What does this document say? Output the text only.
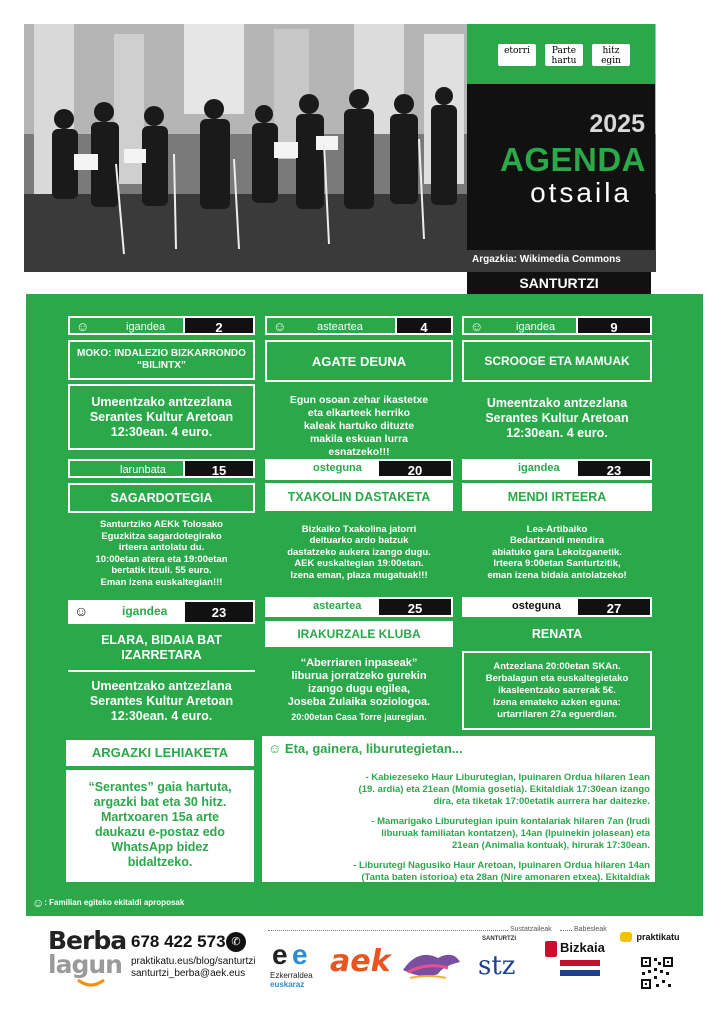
etorri	Parte hartu
hitz egin
2025
AGENDA
otsaila
Argazkia: Wikimedia Commons
SANTURTZI
☺	igandea	2
MOKO: INDALEZIO BIZKARRONDO “BILINTX”
Umeentzako antzezlana
Serantes Kultur Aretoan
12:30ean. 4 euro.
☺	asteartea	4
AGATE DEUNA
Egun osoan zehar ikastetxe
eta elkarteek herriko
kaleak hartuko dituzte
makila eskuan lurra
esnatzeko!!!
☺	igandea	9
SCROOGE ETA MAMUAK
Umeentzako antzezlana
Serantes Kultur Aretoan
12:30ean. 4 euro.
larunbata	15
SAGARDOTEGIA
Santurtziko AEKk Tolosako
Eguzkitza sagardotegirako
irteera antolatu du.
10:00etan atera eta 19:00etan
bertatik itzuli. 55 euro.
Eman izena euskaltegian!!!
osteguna	20
TXAKOLIN DASTAKETA
Bizkaiko Txakolina jatorri
deituarko ardo batzuk
dastatzeko aukera izango dugu.
AEK euskaltegian 19:00etan.
Izena eman, plaza mugatuak!!!
igandea	23
MENDI IRTEERA
Lea-Artibaiko
Bedartzandi mendira
abiatuko gara Lekoizganetik.
Irteera 9:00etan Santurtzitik,
eman izena bidaia antolatzeko!
☺	igandea	23
ELARA, BIDAIA BAT IZARRETARA
Umeentzako antzezlana
Serantes Kultur Aretoan
12:30ean. 4 euro.
asteartea	25
IRAKURZALE KLUBA
“Aberriaren inpaseak”
liburua jorratzeko gurekin
izango dugu egilea,
Joseba Zulaika soziologoa.
20:00etan Casa Torre jauregian.
osteguna	27
RENATA
Antzezlana 20:00etan SKAn.
Berbalagun eta euskaltegietako
ikasleentzako sarrerak 5€.
Izena emateko azken eguna:
urtarrilaren 27a eguerdian.
ARGAZKI LEHIAKETA
“Serantes” gaia hartuta,
argazki bat eta 30 hitz.
Martxoaren 15a arte
daukazu e-postaz edo
WhatsApp bidez
bidaltzeko.
☺ Eta, gainera, liburutegietan...
- Kabiezeseko Haur Liburutegian, Ipuinaren Ordua hilaren 1ean
(19. ardia) eta 21ean (Momia gosetia). Ekitaldiak 17:30ean izango
dira, eta tiketak 17:00etatik aurrera har daitezke.
- Mamarigako Liburutegian ipuin kontalariak hilaren 7an (Irudi
liburuak familiatan kontatzen), 14an (Ipuinekin jolasean) eta
21ean (Animalia kontuak), hirurak 17:30ean.
- Liburutegi Nagusiko Haur Aretoan, Ipuinaren Ordua hilaren 14an
(Tanta baten istorioa) eta 28an (Nire amonaren etxea). Ekitaldiak
17:30ean izango dira, eta tiketak 17:00etatik aurrera har daitezke.
☺: Familian egiteko ekitaldi aproposak
Berba
lagun
678 422 573 ✆
praktikatu.eus/blog/santurtzi
santurtzi_berba@aek.eus
Sustatzaileak	Babesleak
e e
Ezkerraldea
euskaraz
aek
SANTURTZI
stz
Bizkaia
praktikatu
